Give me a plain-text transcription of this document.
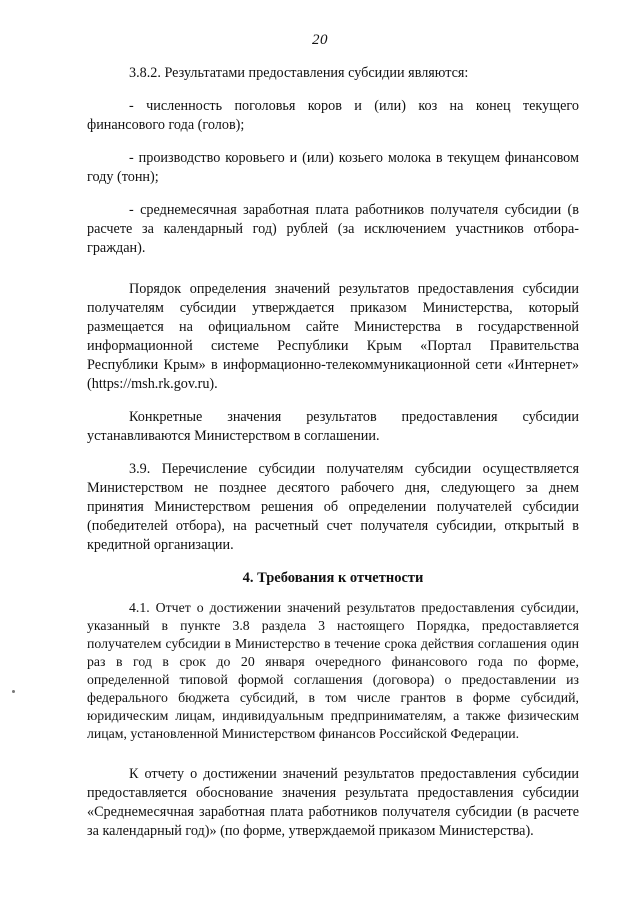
20

3.8.2. Результатами предоставления субсидии являются:

- численность поголовья коров и (или) коз на конец текущего финансового года (голов);

- производство коровьего и (или) козьего молока в текущем финансовом году (тонн);

- среднемесячная заработная плата работников получателя субсидии (в расчете за календарный год) рублей (за исключением участников отбора-граждан).

Порядок определения значений результатов предоставления субсидии получателям субсидии утверждается приказом Министерства, который размещается на официальном сайте Министерства в государственной информационной системе Республики Крым «Портал Правительства Республики Крым» в информационно-телекоммуникационной сети «Интернет» (https://msh.rk.gov.ru).

Конкретные значения результатов предоставления субсидии устанавливаются Министерством в соглашении.

3.9. Перечисление субсидии получателям субсидии осуществляется Министерством не позднее десятого рабочего дня, следующего за днем принятия Министерством решения об определении получателей субсидии (победителей отбора), на расчетный счет получателя субсидии, открытый в кредитной организации.

4. Требования к отчетности

4.1. Отчет о достижении значений результатов предоставления субсидии, указанный в пункте 3.8 раздела 3 настоящего Порядка, предоставляется получателем субсидии в Министерство в течение срока действия соглашения один раз в год в срок до 20 января очередного финансового года по форме, определенной типовой формой соглашения (договора) о предоставлении из федерального бюджета субсидий, в том числе грантов в форме субсидий, юридическим лицам, индивидуальным предпринимателям, а также физическим лицам, установленной Министерством финансов Российской Федерации.

К отчету о достижении значений результатов предоставления субсидии предоставляется обоснование значения результата предоставления субсидии «Среднемесячная заработная плата работников получателя субсидии (в расчете за календарный год)» (по форме, утверждаемой приказом Министерства).
